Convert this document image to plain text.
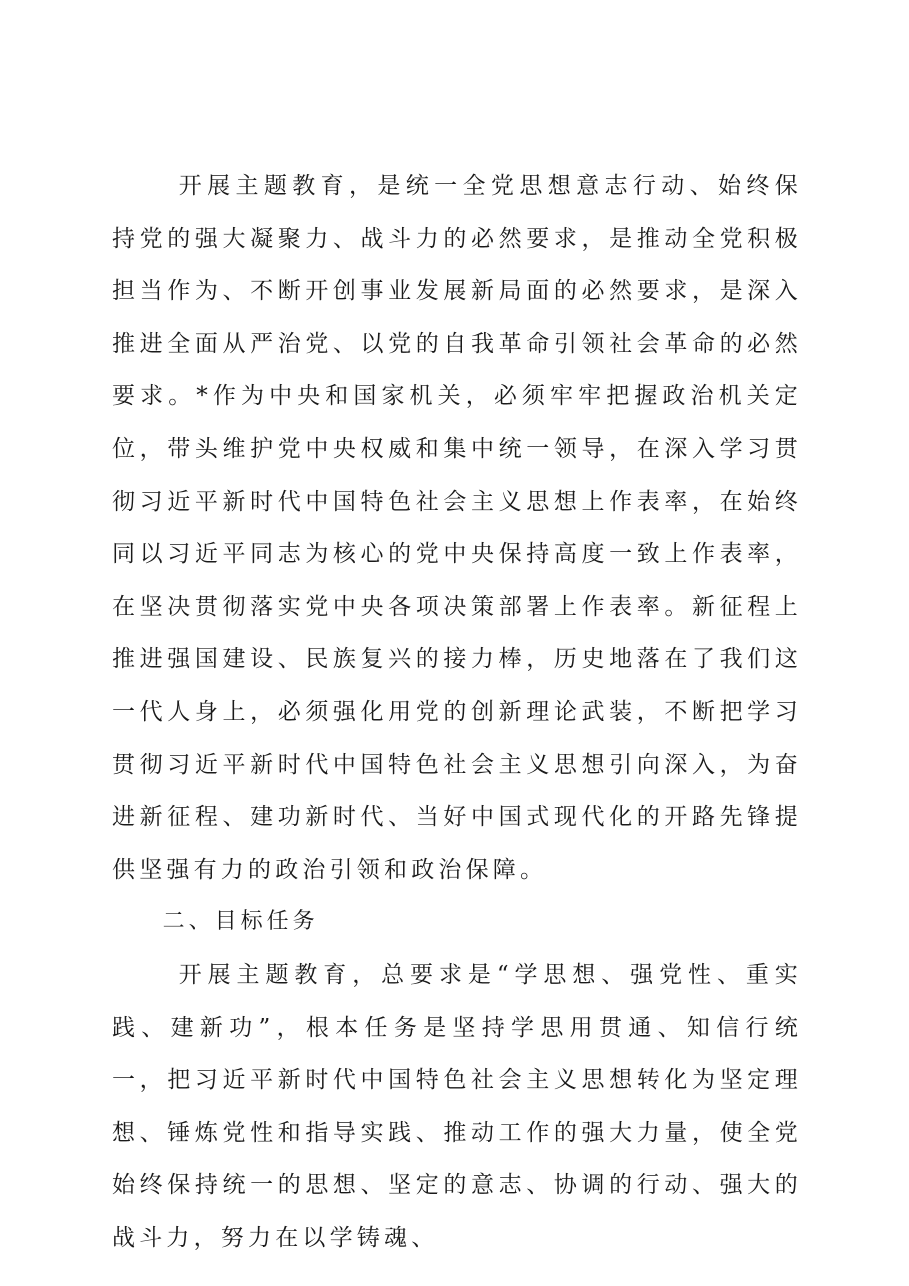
开展主题教育，是统一全党思想意志行动、始终保持党的强大凝聚力、战斗力的必然要求，是推动全党积极担当作为、不断开创事业发展新局面的必然要求，是深入推进全面从严治党、以党的自我革命引领社会革命的必然要求。*作为中央和国家机关，必须牢牢把握政治机关定位，带头维护党中央权威和集中统一领导，在深入学习贯彻习近平新时代中国特色社会主义思想上作表率，在始终同以习近平同志为核心的党中央保持高度一致上作表率，在坚决贯彻落实党中央各项决策部署上作表率。新征程上推进强国建设、民族复兴的接力棒，历史地落在了我们这一代人身上，必须强化用党的创新理论武装，不断把学习贯彻习近平新时代中国特色社会主义思想引向深入，为奋进新征程、建功新时代、当好中国式现代化的开路先锋提供坚强有力的政治引领和政治保障。

二、目标任务

开展主题教育，总要求是“学思想、强党性、重实践、建新功”，根本任务是坚持学思用贯通、知信行统一，把习近平新时代中国特色社会主义思想转化为坚定理想、锤炼党性和指导实践、推动工作的强大力量，使全党始终保持统一的思想、坚定的意志、协调的行动、强大的战斗力，努力在以学铸魂、
